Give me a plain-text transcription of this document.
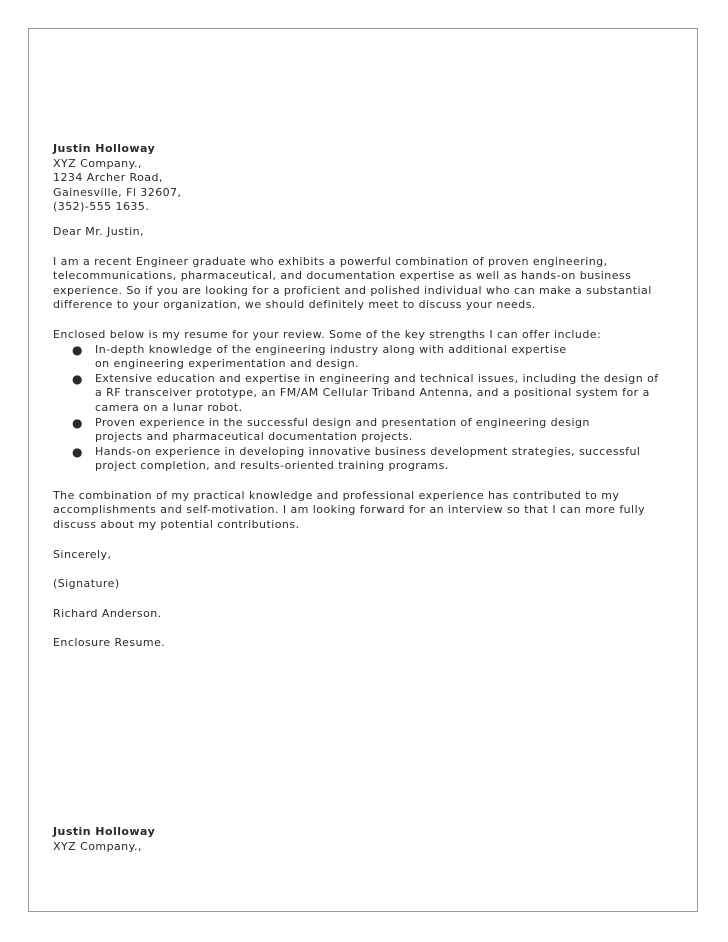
Justin Holloway
XYZ Company.,
1234 Archer Road,
Gainesville, Fl 32607,
(352)-555 1635.

Dear Mr. Justin,

I am a recent Engineer graduate who exhibits a powerful combination of proven engineering, telecommunications, pharmaceutical, and documentation expertise as well as hands-on business experience. So if you are looking for a proficient and polished individual who can make a substantial difference to your organization, we should definitely meet to discuss your needs.

Enclosed below is my resume for your review. Some of the key strengths I can offer include:

● In-depth knowledge of the engineering industry along with additional expertise
on engineering experimentation and design.
● Extensive education and expertise in engineering and technical issues, including the design of
a RF transceiver prototype, an FM/AM Cellular Triband Antenna, and a positional system for a
camera on a lunar robot.
● Proven experience in the successful design and presentation of engineering design
projects and pharmaceutical documentation projects.
● Hands-on experience in developing innovative business development strategies, successful
project completion, and results-oriented training programs.

The combination of my practical knowledge and professional experience has contributed to my accomplishments and self-motivation. I am looking forward for an interview so that I can more fully discuss about my potential contributions.

Sincerely,

(Signature)

Richard Anderson.

Enclosure Resume.

Justin Holloway
XYZ Company.,
